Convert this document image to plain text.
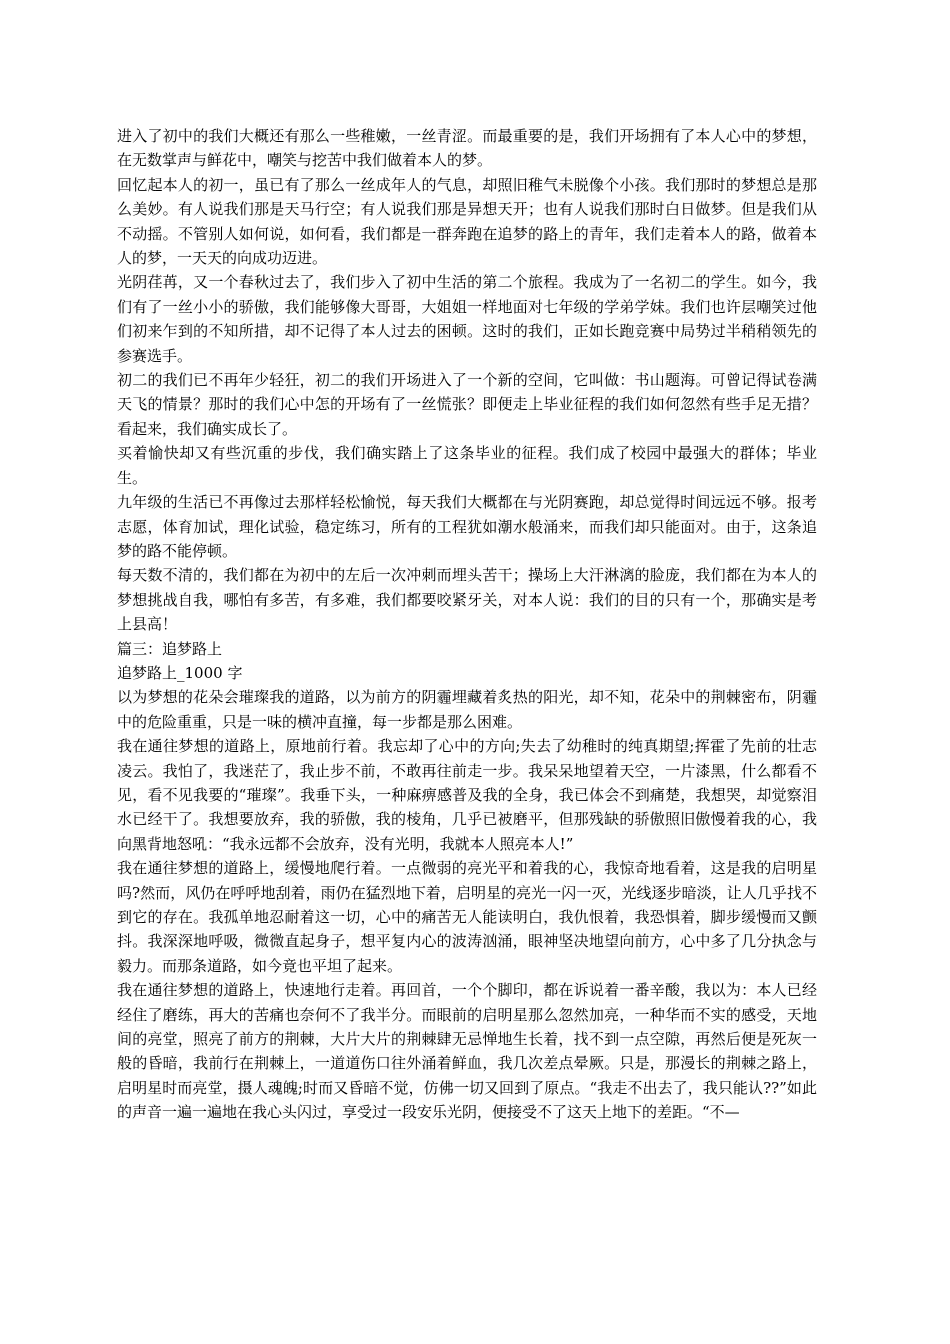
进入了初中的我们大概还有那么一些稚嫩，一丝青涩。而最重要的是，我们开场拥有了本人心中的梦想，在无数掌声与鲜花中，嘲笑与挖苦中我们做着本人的梦。

回忆起本人的初一，虽已有了那么一丝成年人的气息，却照旧稚气未脱像个小孩。我们那时的梦想总是那么美妙。有人说我们那是天马行空；有人说我们那是异想天开；也有人说我们那时白日做梦。但是我们从不动摇。不管别人如何说，如何看，我们都是一群奔跑在追梦的路上的青年，我们走着本人的路，做着本人的梦，一天天的向成功迈进。

光阴荏苒，又一个春秋过去了，我们步入了初中生活的第二个旅程。我成为了一名初二的学生。如今，我们有了一丝小小的骄傲，我们能够像大哥哥，大姐姐一样地面对七年级的学弟学妹。我们也许层嘲笑过他们初来乍到的不知所措，却不记得了本人过去的困顿。这时的我们，正如长跑竞赛中局势过半稍稍领先的参赛选手。

初二的我们已不再年少轻狂，初二的我们开场进入了一个新的空间，它叫做：书山题海。可曾记得试卷满天飞的情景？那时的我们心中怎的开场有了一丝慌张？即便走上毕业征程的我们如何忽然有些手足无措？看起来，我们确实成长了。

买着愉快却又有些沉重的步伐，我们确实踏上了这条毕业的征程。我们成了校园中最强大的群体；毕业生。

九年级的生活已不再像过去那样轻松愉悦，每天我们大概都在与光阴赛跑，却总觉得时间远远不够。报考志愿，体育加试，理化试验，稳定练习，所有的工程犹如潮水般涌来，而我们却只能面对。由于，这条追梦的路不能停顿。

每天数不清的，我们都在为初中的左后一次冲刺而埋头苦干；操场上大汗淋漓的脸庞，我们都在为本人的梦想挑战自我，哪怕有多苦，有多难，我们都要咬紧牙关，对本人说：我们的目的只有一个，那确实是考上县高！

篇三：追梦路上

追梦路上_1000 字

以为梦想的花朵会璀璨我的道路，以为前方的阴霾埋藏着炙热的阳光，却不知，花朵中的荆棘密布，阴霾中的危险重重，只是一味的横冲直撞，每一步都是那么困难。

我在通往梦想的道路上，原地前行着。我忘却了心中的方向;失去了幼稚时的纯真期望;挥霍了先前的壮志凌云。我怕了，我迷茫了，我止步不前，不敢再往前走一步。我呆呆地望着天空，一片漆黑，什么都看不见，看不见我要的“璀璨”。我垂下头，一种麻痹感普及我的全身，我已体会不到痛楚，我想哭，却觉察泪水已经干了。我想要放弃，我的骄傲，我的棱角，几乎已被磨平，但那残缺的骄傲照旧傲慢着我的心，我向黑背地怒吼：“我永远都不会放弃，没有光明，我就本人照亮本人!”

我在通往梦想的道路上，缓慢地爬行着。一点微弱的亮光平和着我的心，我惊奇地看着，这是我的启明星吗?然而，风仍在呼呼地刮着，雨仍在猛烈地下着，启明星的亮光一闪一灭，光线逐步暗淡，让人几乎找不到它的存在。我孤单地忍耐着这一切，心中的痛苦无人能读明白，我仇恨着，我恐惧着，脚步缓慢而又颤抖。我深深地呼吸，微微直起身子，想平复内心的波涛汹涌，眼神坚决地望向前方，心中多了几分执念与毅力。而那条道路，如今竟也平坦了起来。

我在通往梦想的道路上，快速地行走着。再回首，一个个脚印，都在诉说着一番辛酸，我以为：本人已经经住了磨练，再大的苦痛也奈何不了我半分。而眼前的启明星那么忽然加亮，一种华而不实的感受，天地间的亮堂，照亮了前方的荆棘，大片大片的荆棘肆无忌惮地生长着，找不到一点空隙，再然后便是死灰一般的昏暗，我前行在荆棘上，一道道伤口往外涌着鲜血，我几次差点晕厥。只是，那漫长的荆棘之路上，启明星时而亮堂，摄人魂魄;时而又昏暗不觉，仿佛一切又回到了原点。“我走不出去了，我只能认??”如此的声音一遍一遍地在我心头闪过，享受过一段安乐光阴，便接受不了这天上地下的差距。“不—
